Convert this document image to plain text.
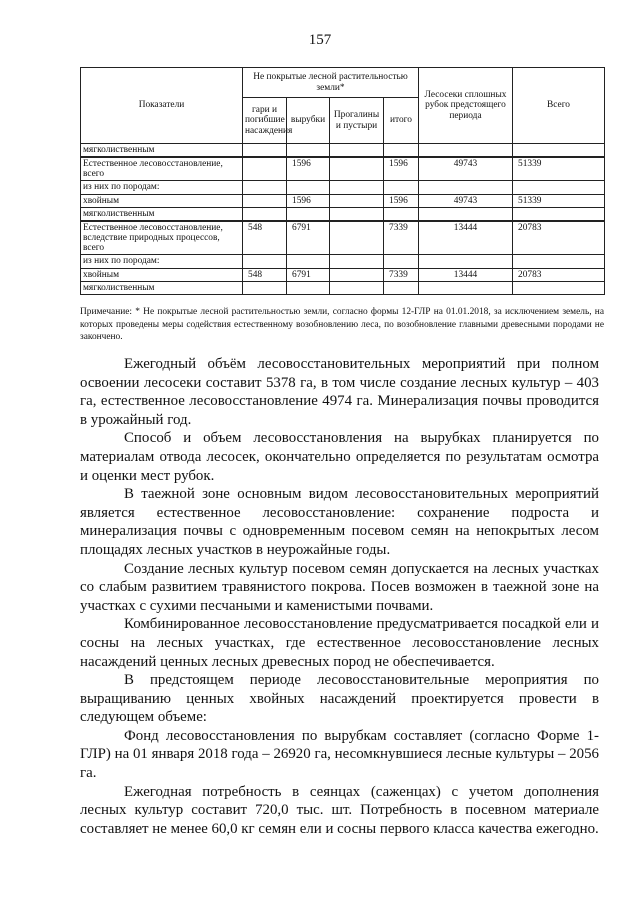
157
Показатели	Не покрытые лесной растительностью земли*				Лесосеки сплошных рубок предстоящего периода	Всего
	гари и погибшие насаждения	вырубки	Прогалины и пустыри	итого		
мягколиственным						
Естественное лесовосстановление, всего		1596		1596	49743	51339
из них по породам:						
хвойным		1596		1596	49743	51339
мягколиственным						
Естественное лесовосстановление, вследствие природных процессов, всего	548	6791		7339	13444	20783
из них по породам:						
хвойным	548	6791		7339	13444	20783
мягколиственным						
Примечание: * Не покрытые лесной растительностью земли, согласно формы 12-ГЛР на 01.01.2018, за исключением земель, на которых проведены меры содействия естественному возобновлению леса, по возобновление главными древесными породами не закончено.

Ежегодный объём лесовосстановительных мероприятий при полном освоении лесосеки составит 5378 га, в том числе создание лесных культур – 403 га, естественное лесовосстановление 4974 га. Минерализация почвы проводится в урожайный год.

Способ и объем лесовосстановления на вырубках планируется по материалам отвода лесосек, окончательно определяется по результатам осмотра и оценки мест рубок.

В таежной зоне основным видом лесовосстановительных мероприятий является естественное лесовосстановление: сохранение подроста и минерализация почвы с одновременным посевом семян на непокрытых лесом площадях лесных участков в неурожайные годы.

Создание лесных культур посевом семян допускается на лесных участках со слабым развитием травянистого покрова. Посев возможен в таежной зоне на участках с сухими песчаными и каменистыми почвами.

Комбинированное лесовосстановление предусматривается посадкой ели и сосны на лесных участках, где естественное лесовосстановление лесных насаждений ценных лесных древесных пород не обеспечивается.

В предстоящем периоде лесовосстановительные мероприятия по выращиванию ценных хвойных насаждений проектируется провести в следующем объеме:

Фонд лесовосстановления по вырубкам составляет (согласно Форме 1-ГЛР) на 01 января 2018 года – 26920 га, несомкнувшиеся лесные культуры – 2056 га.

Ежегодная потребность в сеянцах (саженцах) с учетом дополнения лесных культур составит 720,0 тыс. шт. Потребность в посевном материале составляет не менее 60,0 кг семян ели и сосны первого класса качества ежегодно.
